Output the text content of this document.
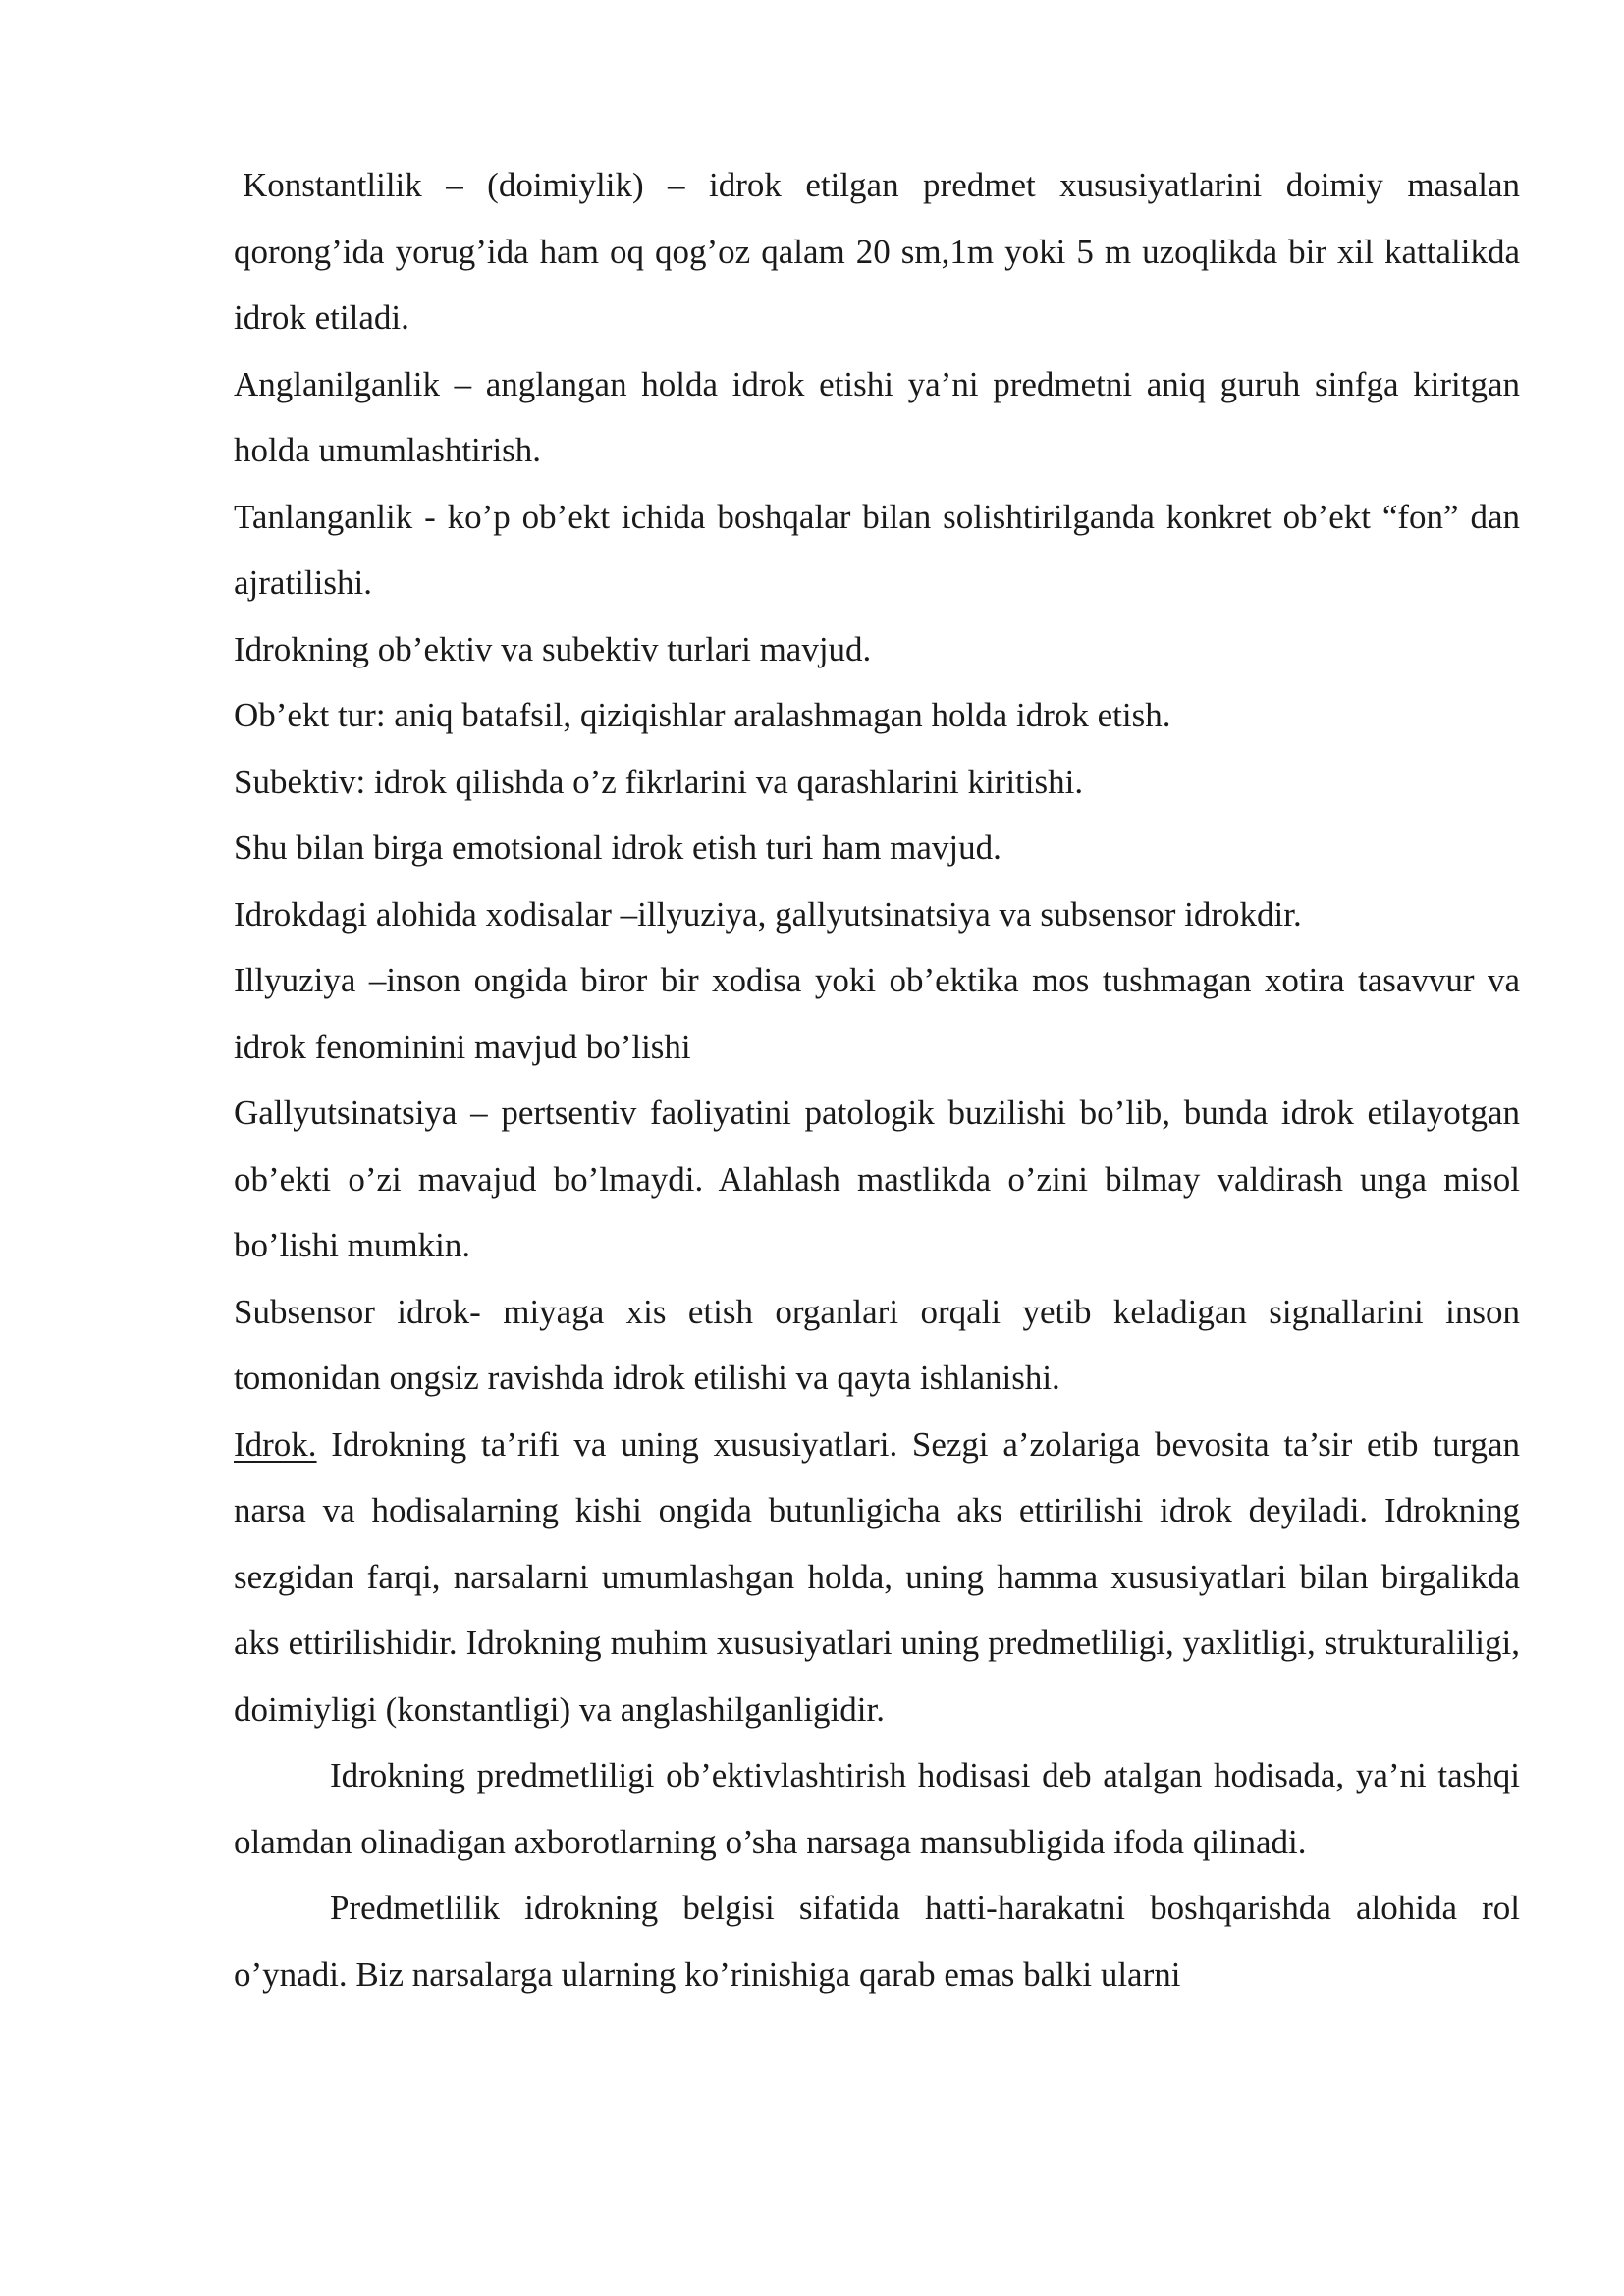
Konstantlilik – (doimiylik) – idrok etilgan predmet xususiyatlarini doimiy masalan qorong’ida yorug’ida ham oq qog’oz qalam 20 sm,1m yoki 5 m uzoqlikda bir xil kattalikda idrok etiladi.

Anglanilganlik – anglangan holda idrok etishi ya’ni predmetni aniq guruh sinfga kiritgan holda umumlashtirish.

Tanlanganlik - ko’p ob’ekt ichida boshqalar bilan solishtirilganda konkret ob’ekt “fon” dan ajratilishi.

Idrokning ob’ektiv va subektiv turlari mavjud.

Ob’ekt tur: aniq batafsil, qiziqishlar aralashmagan holda idrok etish.

Subektiv: idrok qilishda o’z fikrlarini va qarashlarini kiritishi.

Shu bilan birga emotsional idrok etish turi ham mavjud.

Idrokdagi alohida xodisalar –illyuziya, gallyutsinatsiya va subsensor idrokdir.

Illyuziya –inson ongida biror bir xodisa yoki ob’ektika mos tushmagan xotira tasavvur va idrok fenominini mavjud bo’lishi

Gallyutsinatsiya – pertsentiv faoliyatini patologik buzilishi bo’lib, bunda idrok etilayotgan ob’ekti o’zi mavajud bo’lmaydi. Alahlash mastlikda o’zini bilmay valdirash unga misol bo’lishi mumkin.

Subsensor idrok- miyaga xis etish organlari orqali yetib keladigan signallarini inson tomonidan ongsiz ravishda idrok etilishi va qayta ishlanishi.

Idrok. Idrokning ta’rifi va uning xususiyatlari. Sezgi a’zolariga bevosita ta’sir etib turgan narsa va hodisalarning kishi ongida butunligicha aks ettirilishi idrok deyiladi. Idrokning sezgidan farqi, narsalarni umumlashgan holda, uning hamma xususiyatlari bilan birgalikda aks ettirilishidir. Idrokning muhim xususiyatlari uning predmetliligi, yaxlitligi, strukturaliligi, doimiyligi (konstantligi) va anglashilganligidir.

Idrokning predmetliligi ob’ektivlashtirish hodisasi deb atalgan hodisada, ya’ni tashqi olamdan olinadigan axborotlarning o’sha narsaga mansubligida ifoda qilinadi.

Predmetlilik idrokning belgisi sifatida hatti-harakatni boshqarishda alohida rol o’ynadi. Biz narsalarga ularning ko’rinishiga qarab emas balki ularni
